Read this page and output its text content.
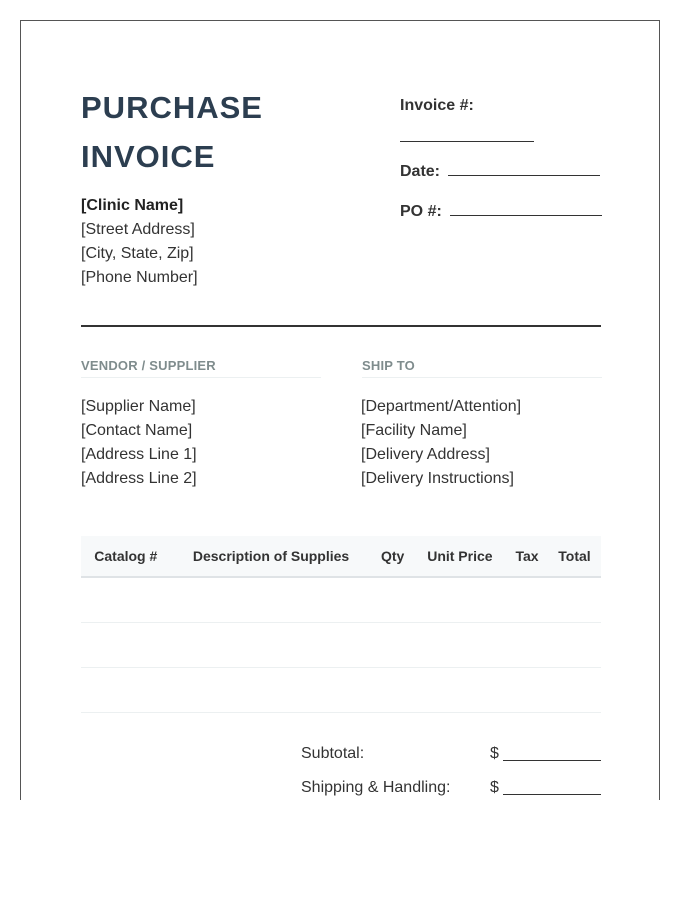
PURCHASE
INVOICE
[Clinic Name]
[Street Address]
[City, State, Zip]
[Phone Number]
Invoice #:
Date:
PO #:
VENDOR / SUPPLIER	SHIP TO
[Supplier Name]
[Contact Name]
[Address Line 1]
[Address Line 2]
[Department/Attention]
[Facility Name]
[Delivery Address]
[Delivery Instructions]
Catalog #	Description of Supplies	Qty	Unit Price	Tax	Total

Subtotal:	$
Shipping & Handling: $
